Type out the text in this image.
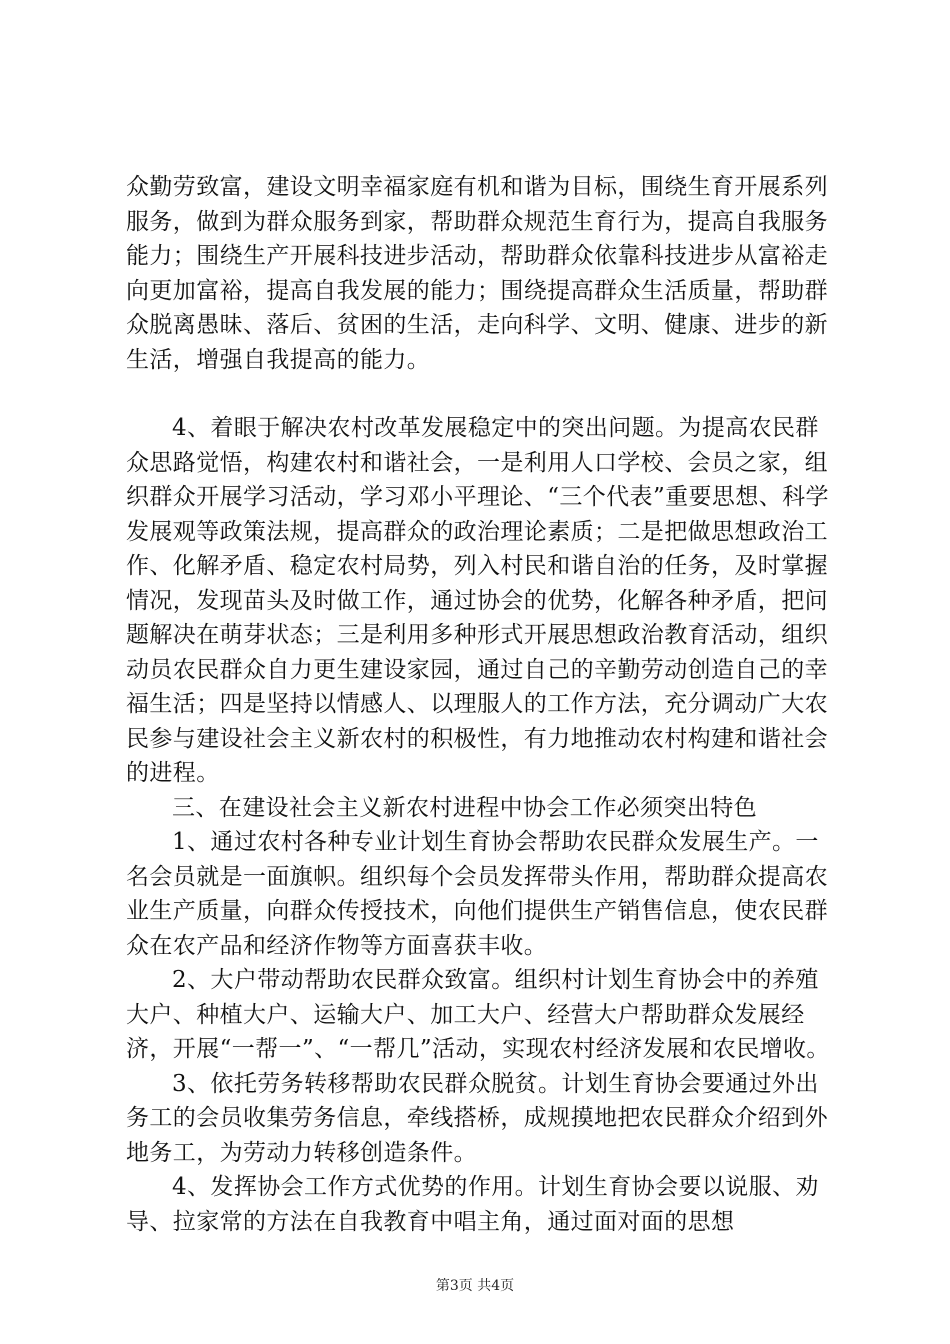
众勤劳致富，建设文明幸福家庭有机和谐为目标，围绕生育开展系列服务，做到为群众服务到家，帮助群众规范生育行为，提高自我服务能力；围绕生产开展科技进步活动，帮助群众依靠科技进步从富裕走向更加富裕，提高自我发展的能力；围绕提高群众生活质量，帮助群众脱离愚昧、落后、贫困的生活，走向科学、文明、健康、进步的新生活，增强自我提高的能力。

4、着眼于解决农村改革发展稳定中的突出问题。为提高农民群众思路觉悟，构建农村和谐社会，一是利用人口学校、会员之家，组织群众开展学习活动，学习邓小平理论、“三个代表”重要思想、科学发展观等政策法规，提高群众的政治理论素质；二是把做思想政治工作、化解矛盾、稳定农村局势，列入村民和谐自治的任务，及时掌握情况，发现苗头及时做工作，通过协会的优势，化解各种矛盾，把问题解决在萌芽状态；三是利用多种形式开展思想政治教育活动，组织动员农民群众自力更生建设家园，通过自己的辛勤劳动创造自己的幸福生活；四是坚持以情感人、以理服人的工作方法，充分调动广大农民参与建设社会主义新农村的积极性，有力地推动农村构建和谐社会的进程。

三、在建设社会主义新农村进程中协会工作必须突出特色

1、通过农村各种专业计划生育协会帮助农民群众发展生产。一名会员就是一面旗帜。组织每个会员发挥带头作用，帮助群众提高农业生产质量，向群众传授技术，向他们提供生产销售信息，使农民群众在农产品和经济作物等方面喜获丰收。

2、大户带动帮助农民群众致富。组织村计划生育协会中的养殖大户、种植大户、运输大户、加工大户、经营大户帮助群众发展经济，开展“一帮一”、“一帮几”活动，实现农村经济发展和农民增收。

3、依托劳务转移帮助农民群众脱贫。计划生育协会要通过外出务工的会员收集劳务信息，牵线搭桥，成规摸地把农民群众介绍到外地务工，为劳动力转移创造条件。

4、发挥协会工作方式优势的作用。计划生育协会要以说服、劝导、拉家常的方法在自我教育中唱主角，通过面对面的思想

第3页 共4页
